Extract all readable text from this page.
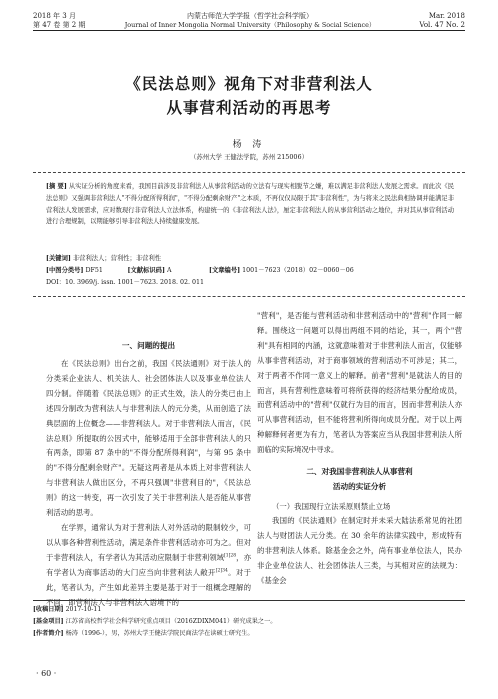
2018 年 3 月
第 47 卷 第 2 期
内蒙古师范大学学报（哲学社会科学版）
Journal of Inner Mongolia Normal University（Philosophy & Social Science）
Mar. 2018
Vol. 47 No. 2
《民法总则》视角下对非营利法人
从事营利活动的再思考
杨 涛
（苏州大学 王健法学院，苏州 215006）
[摘 要] 从实证分析的角度来看，我国目前涉及非营利法人从事营利活动的立法有与现实相脱节之嫌，难以满足非营利法人发展之需求。而此次《民法总则》又强调非营利法人"不得分配所得利润"，"不得分配剩余财产"之本质，不再仅仅局限于其"非营利性"，为与将来之民法典相协调并能满足非营利法人发展需求，应对数现行非营利法人立法体系，构建统一的《非营利法人法》，厘定非营利法人的从事营利活动之地位，并对其从事营利活动进行合理规制，以期能够引导非营利法人持续健康发展。
[关键词] 非营利法人；营利性；非营利性
[中图分类号] DF51	[文献标识码] A	[文章编号] 1001－7623（2018）02－0060－06
DOI：10. 3969/j. issn. 1001－7623. 2018. 02. 011
一、问题的提出

在《民法总则》出台之前，我国《民法通则》对于法人的分类采企业法人、机关法人、社会团体法人以及事业单位法人四分制。伴随着《民法总则》的正式生效，法人的分类已由上述四分制改为营利法人与非营利法人的元分类，从而创造了法典层面的上位概念——非营利法人。对于非营利法人而言，《民法总则》所提取的公因式中，能够适用于全部非营利法人的只有两条，即第 87 条中的"不得分配所得利润"，与第 95 条中的"不得分配剩余财产"。无疑这两者是从本质上对非营利法人与非营利法人做出区分，不再只强调"非营利目的"，《民法总则》的这一转变，再一次引发了关于非营利法人是否能从事营利活动的思考。

在学界，通常认为对于营利法人对外活动的限制较少，可以从事各种营利性活动，满足条件非营利活动亦可为之。但对于非营利法人，有学者认为其活动应限制于非营利领域$^{[1]28}$，亦有学者认为商事活动的大门应当向非营利法人敞开$^{[2]34}$。对于此，笔者认为，产生如此差异主要是基于对于一组概念理解的不同，即营利法人与非营利法人语境下的

"营利"，是否能与营利活动和非营利活动中的"营利"作同一解释。围绕这一问题可以得出两组不同的结论，其一，两个"营利"具有相同的内涵，这就意味着对于非营利法人而言，仅能够从事非营利活动，对于商事领域的营利活动不可涉足；其二，对于两者不作同一意义上的解释。前者"营利"是就法人的目的而言，具有营利性意味着可将所获得的经济结果分配给成员，而营利活动中的"营利"仅就行为目的而言，因而非营利法人亦可从事营利活动，但不能将营利所得向成员分配。对于以上两种解释何者更为有力，笔者认为答案应当从我国非营利法人所面临的实际境况中寻求。

二、对我国非营利法人从事营利
活动的实证分析
（一）我国现行立法采原则禁止立场

我国的《民法通则》在制定时并未采大陆法系常见的社团法人与财团法人元分类。在 30 余年的法律实践中，形成特有的非营利法人体系。除基金会之外，尚有事业单位法人，民办非企业单位法人、社会团体法人三类，与其相对应的法规为：《基金会

[收稿日期] 2017-10-11
[基金项目] 江苏省高校哲学社会科学研究重点项目（2016ZDIXM041）研究成果之一。
[作者简介] 杨涛（1996-），男，苏州大学王健法学院民商法学在读硕士研究生。
· 60 ·
